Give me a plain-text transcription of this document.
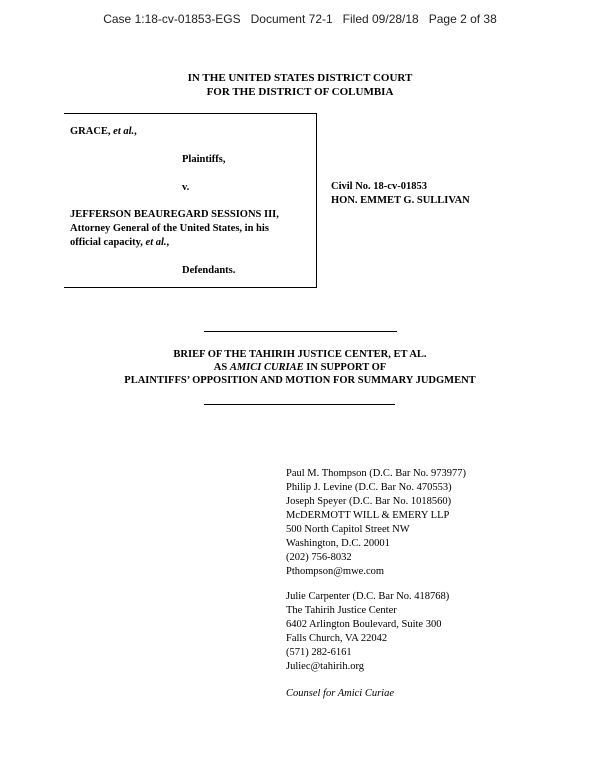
Case 1:18-cv-01853-EGS   Document 72-1   Filed 09/28/18   Page 2 of 38
IN THE UNITED STATES DISTRICT COURT
FOR THE DISTRICT OF COLUMBIA
GRACE, et al.,
Plaintiffs,
v.
JEFFERSON BEAUREGARD SESSIONS III,
Attorney General of the United States, in his
official capacity, et al.,
Defendants.
Civil No. 18-cv-01853
HON. EMMET G. SULLIVAN
BRIEF OF THE TAHIRIH JUSTICE CENTER, ET AL.
AS AMICI CURIAE IN SUPPORT OF
PLAINTIFFS’ OPPOSITION AND MOTION FOR SUMMARY JUDGMENT
Paul M. Thompson (D.C. Bar No. 973977)
Philip J. Levine (D.C. Bar No. 470553)
Joseph Speyer (D.C. Bar No. 1018560)
McDERMOTT WILL & EMERY LLP
500 North Capitol Street NW
Washington, D.C. 20001
(202) 756-8032
Pthompson@mwe.com
Julie Carpenter (D.C. Bar No. 418768)
The Tahirih Justice Center
6402 Arlington Boulevard, Suite 300
Falls Church, VA 22042
(571) 282-6161
Juliec@tahirih.org
Counsel for Amici Curiae
